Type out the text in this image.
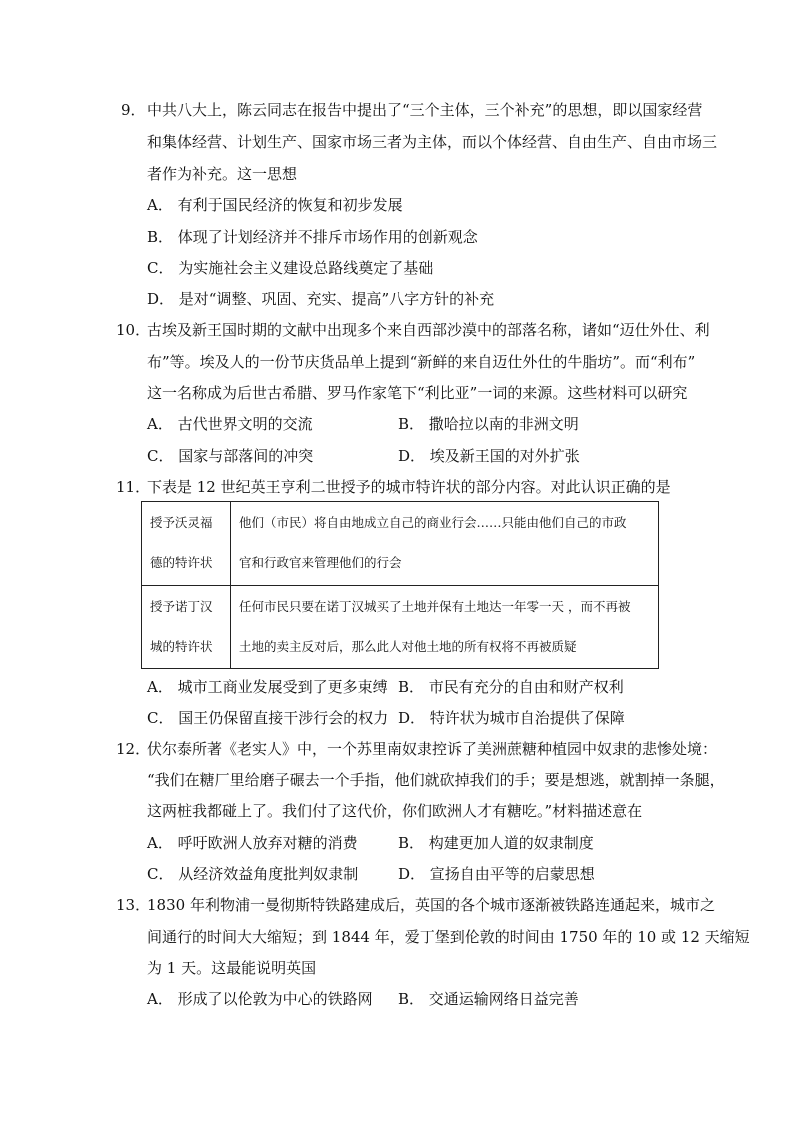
9． 中共八大上，陈云同志在报告中提出了“三个主体，三个补充”的思想，即以国家经营
和集体经营、计划生产、国家市场三者为主体，而以个体经营、自由生产、自由市场三
者作为补充。这一思想
A． 有利于国民经济的恢复和初步发展
B． 体现了计划经济并不排斥市场作用的创新观念
C． 为实施社会主义建设总路线奠定了基础
D． 是对“调整、巩固、充实、提高”八字方针的补充
10．
古埃及新王国时期的文献中出现多个来自西部沙漠中的部落名称，诸如“迈仕外仕、利
布”等。埃及人的一份节庆货品单上提到“新鲜的来自迈仕外仕的牛脂坊”。而“利布”
这一名称成为后世古希腊、罗马作家笔下“利比亚”一词的来源。这些材料可以研究
A． 古代世界文明的交流	B． 撒哈拉以南的非洲文明
C． 国家与部落间的冲突	D． 埃及新王国的对外扩张
11．
下表是 12 世纪英王亨利二世授予的城市特许状的部分内容。对此认识正确的是
授予沃灵福
德的特许状	他们（市民）将自由地成立自己的商业行会……只能由他们自己的市政
官和行政官来管理他们的行会

授予诺丁汉
城的特许状	任何市民只要在诺丁汉城买了土地并保有土地达一年零一天 ，而不再被
土地的卖主反对后，那么此人对他土地的所有权将不再被质疑
A． 城市工商业发展受到了更多束缚 B． 市民有充分的自由和财产权利
C． 国王仍保留直接干涉行会的权力 D． 特许状为城市自治提供了保障
12．
伏尔泰所著《老实人》中，一个苏里南奴隶控诉了美洲蔗糖种植园中奴隶的悲惨处境：
“我们在糖厂里给磨子碾去一个手指，他们就砍掉我们的手；要是想逃，就割掉一条腿，
这两桩我都碰上了。我们付了这代价，你们欧洲人才有糖吃。”材料描述意在
A． 呼吁欧洲人放弃对糖的消费	B． 构建更加人道的奴隶制度
C． 从经济效益角度批判奴隶制	D． 宣扬自由平等的启蒙思想
13．
1830 年利物浦一曼彻斯特铁路建成后，英国的各个城市逐渐被铁路连通起来，城市之
间通行的时间大大缩短；到 1844 年，爱丁堡到伦敦的时间由 1750 年的 10 或 12 天缩短
为 1 天。这最能说明英国
A． 形成了以伦敦为中心的铁路网 B． 交通运输网络日益完善
